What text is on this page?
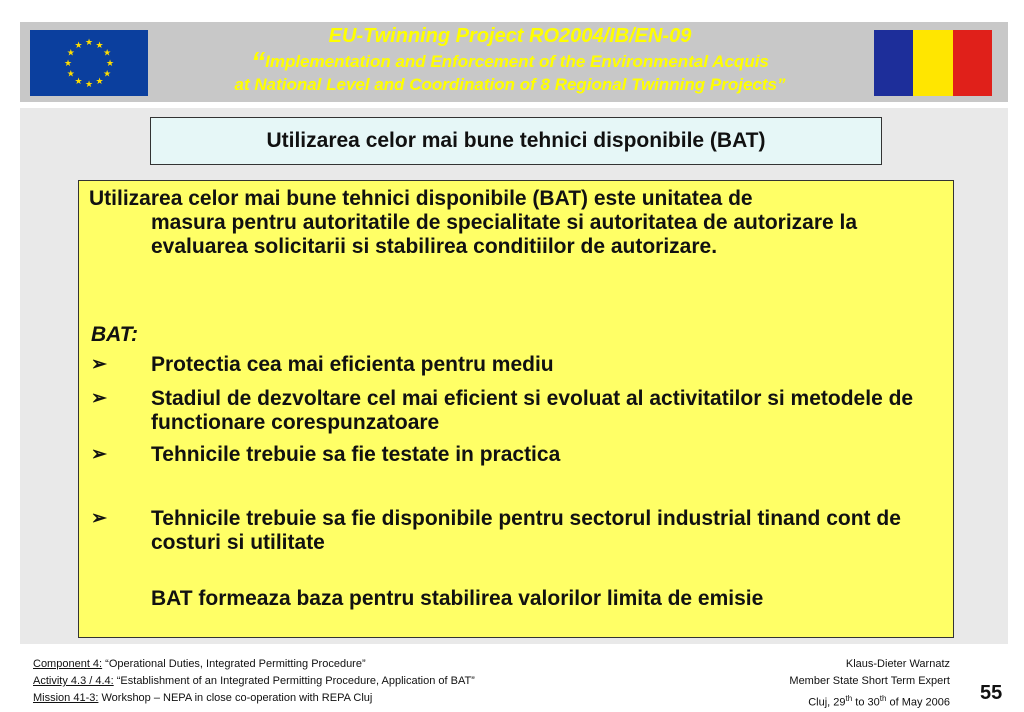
★ ★
★
★
★
★
★
★
★
★
★
★	EU-Twinning Project RO2004/IB/EN-09
“Implementation and Enforcement of the Environmental Acquis
at National Level and Coordination of 8 Regional Twinning Projects”
Utilizarea celor mai bune tehnici disponibile (BAT)
Utilizarea celor mai bune tehnici disponibile (BAT) este unitatea de
masura pentru autoritatile de specialitate si autoritatea de autorizare la evaluarea solicitarii si stabilirea conditiilor de autorizare.
BAT:
➢	Protectia cea mai eficienta pentru mediu
➢	Stadiul de dezvoltare cel mai eficient si evoluat al activitatilor si metodele de functionare corespunzatoare
➢	Tehnicile trebuie sa fie testate in practica
➢	Tehnicile trebuie sa fie disponibile pentru sectorul industrial tinand cont de costuri si utilitate
BAT formeaza baza pentru stabilirea valorilor limita de emisie
Component 4: “Operational Duties, Integrated Permitting Procedure”
Activity 4.3 / 4.4: “Establishment of an Integrated Permitting Procedure, Application of BAT”
Mission 41-3: Workshop – NEPA in close co-operation with REPA Cluj
Klaus-Dieter Warnatz
Member State Short Term Expert
Cluj, 29th to 30th of May 2006 55
